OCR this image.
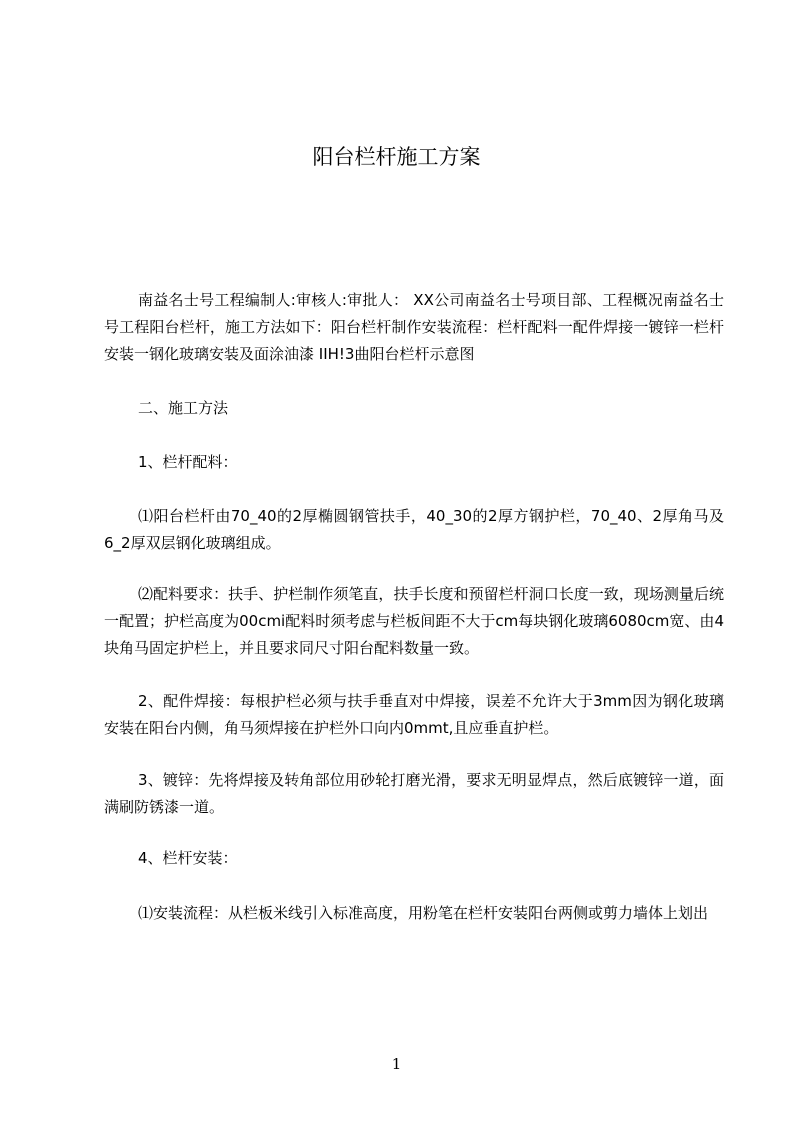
阳台栏杆施工方案
南益名士号工程编制人:审核人:审批人： XX公司南益名士号项目部、工程概况南益名士号工程阳台栏杆，施工方法如下：阳台栏杆制作安装流程：栏杆配料一配件焊接一镀锌一栏杆安装一钢化玻璃安装及面涂油漆 IIH!3曲阳台栏杆示意图
二、施工方法
1、栏杆配料：
⑴阳台栏杆由70_40的2厚椭圆钢管扶手，40_30的2厚方钢护栏，70_40、2厚角马及6_2厚双层钢化玻璃组成。
⑵配料要求：扶手、护栏制作须笔直，扶手长度和预留栏杆洞口长度一致，现场测量后统一配置；护栏高度为00cmi配料时须考虑与栏板间距不大于cm每块钢化玻璃6080cm宽、由4块角马固定护栏上，并且要求同尺寸阳台配料数量一致。
2、配件焊接：每根护栏必须与扶手垂直对中焊接，误差不允许大于3mm因为钢化玻璃安装在阳台内侧，角马须焊接在护栏外口向内0mmt,且应垂直护栏。
3、镀锌：先将焊接及转角部位用砂轮打磨光滑，要求无明显焊点，然后底镀锌一道，面满刷防锈漆一道。
4、栏杆安装：
⑴安装流程：从栏板米线引入标准高度，用粉笔在栏杆安装阳台两侧或剪力墙体上划出
1
